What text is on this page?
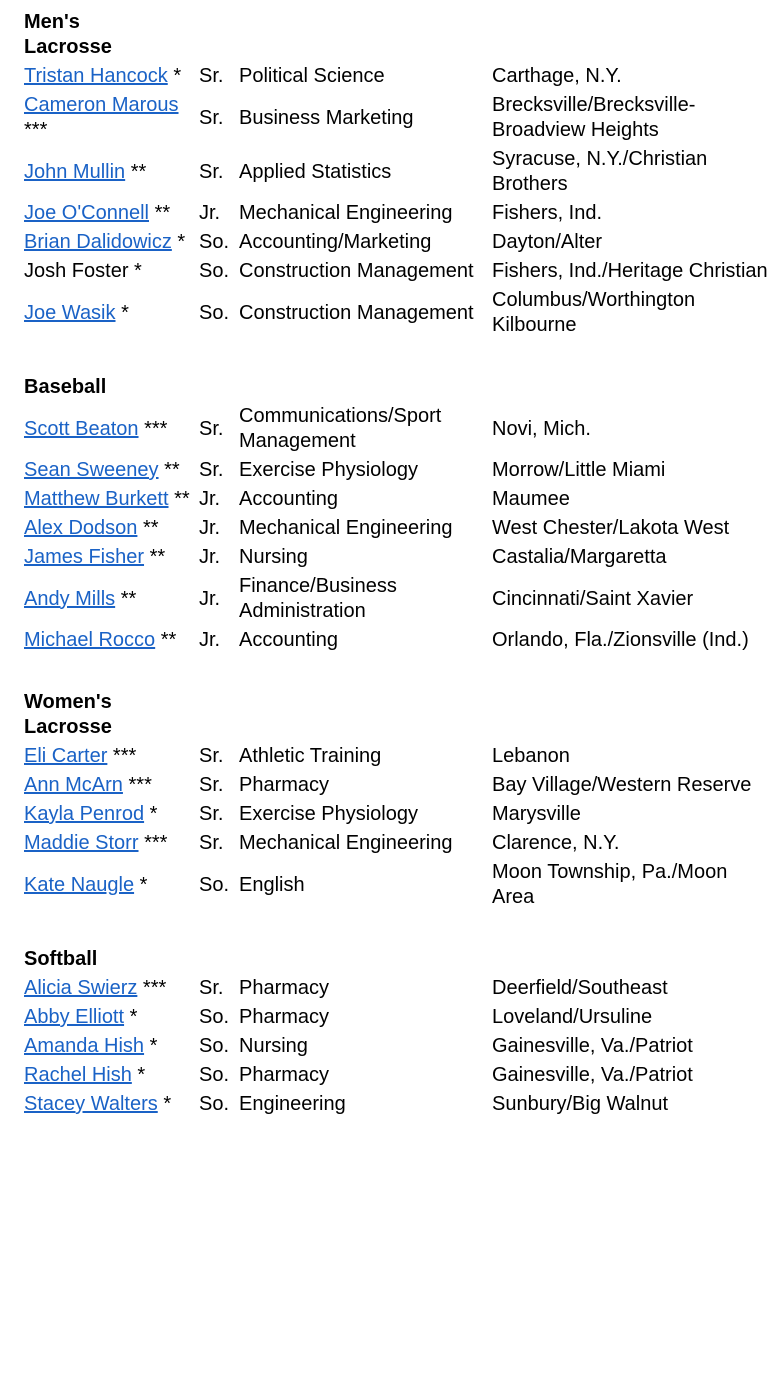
Men's Lacrosse			

Tristan Hancock *	Sr.	Political Science	Carthage, N.Y.
Cameron Marous ***	Sr.	Business Marketing	Brecksville/Brecksville-Broadview Heights
John Mullin **	Sr.	Applied Statistics	Syracuse, N.Y./Christian Brothers
Joe O'Connell **	Jr.	Mechanical Engineering	Fishers, Ind.
Brian Dalidowicz *	So.	Accounting/Marketing	Dayton/Alter
Josh Foster *	So.	Construction Management	Fishers, Ind./Heritage Christian
Joe Wasik *	So.	Construction Management	Columbus/Worthington Kilbourne

Baseball			

Scott Beaton ***	Sr.	Communications/Sport Management	Novi, Mich.
Sean Sweeney **	Sr.	Exercise Physiology	Morrow/Little Miami
Matthew Burkett **	Jr.	Accounting	Maumee
Alex Dodson **	Jr.	Mechanical Engineering	West Chester/Lakota West
James Fisher **	Jr.	Nursing	Castalia/Margaretta
Andy Mills **	Jr.	Finance/Business Administration	Cincinnati/Saint Xavier
Michael Rocco **	Jr.	Accounting	Orlando, Fla./Zionsville (Ind.)

Women's Lacrosse			

Eli Carter ***	Sr.	Athletic Training	Lebanon
Ann McArn ***	Sr.	Pharmacy	Bay Village/Western Reserve
Kayla Penrod *	Sr.	Exercise Physiology	Marysville
Maddie Storr ***	Sr.	Mechanical Engineering	Clarence, N.Y.
Kate Naugle *	So.	English	Moon Township, Pa./Moon Area

Softball			

Alicia Swierz ***	Sr.	Pharmacy	Deerfield/Southeast
Abby Elliott *	So.	Pharmacy	Loveland/Ursuline
Amanda Hish *	So.	Nursing	Gainesville, Va./Patriot
Rachel Hish *	So.	Pharmacy	Gainesville, Va./Patriot
Stacey Walters *	So.	Engineering	Sunbury/Big Walnut
